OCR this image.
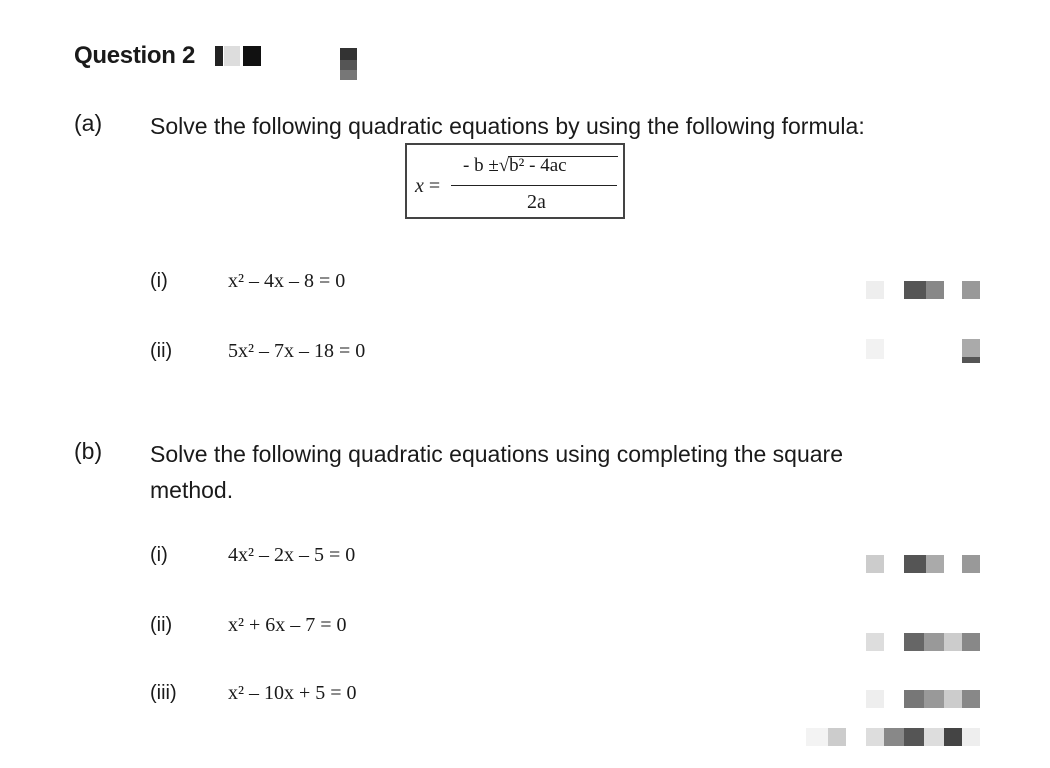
Question 2
(a) Solve the following quadratic equations by using the following formula:
x =
- b ±√b² - 4ac
2a
(i)	x² – 4x – 8 = 0
(ii)	5x² – 7x – 18 = 0
(b) Solve the following quadratic equations using completing the square
method.
(i)	4x² – 2x – 5 = 0
(ii)	x² + 6x – 7 = 0
(iii)	x² – 10x + 5 = 0
